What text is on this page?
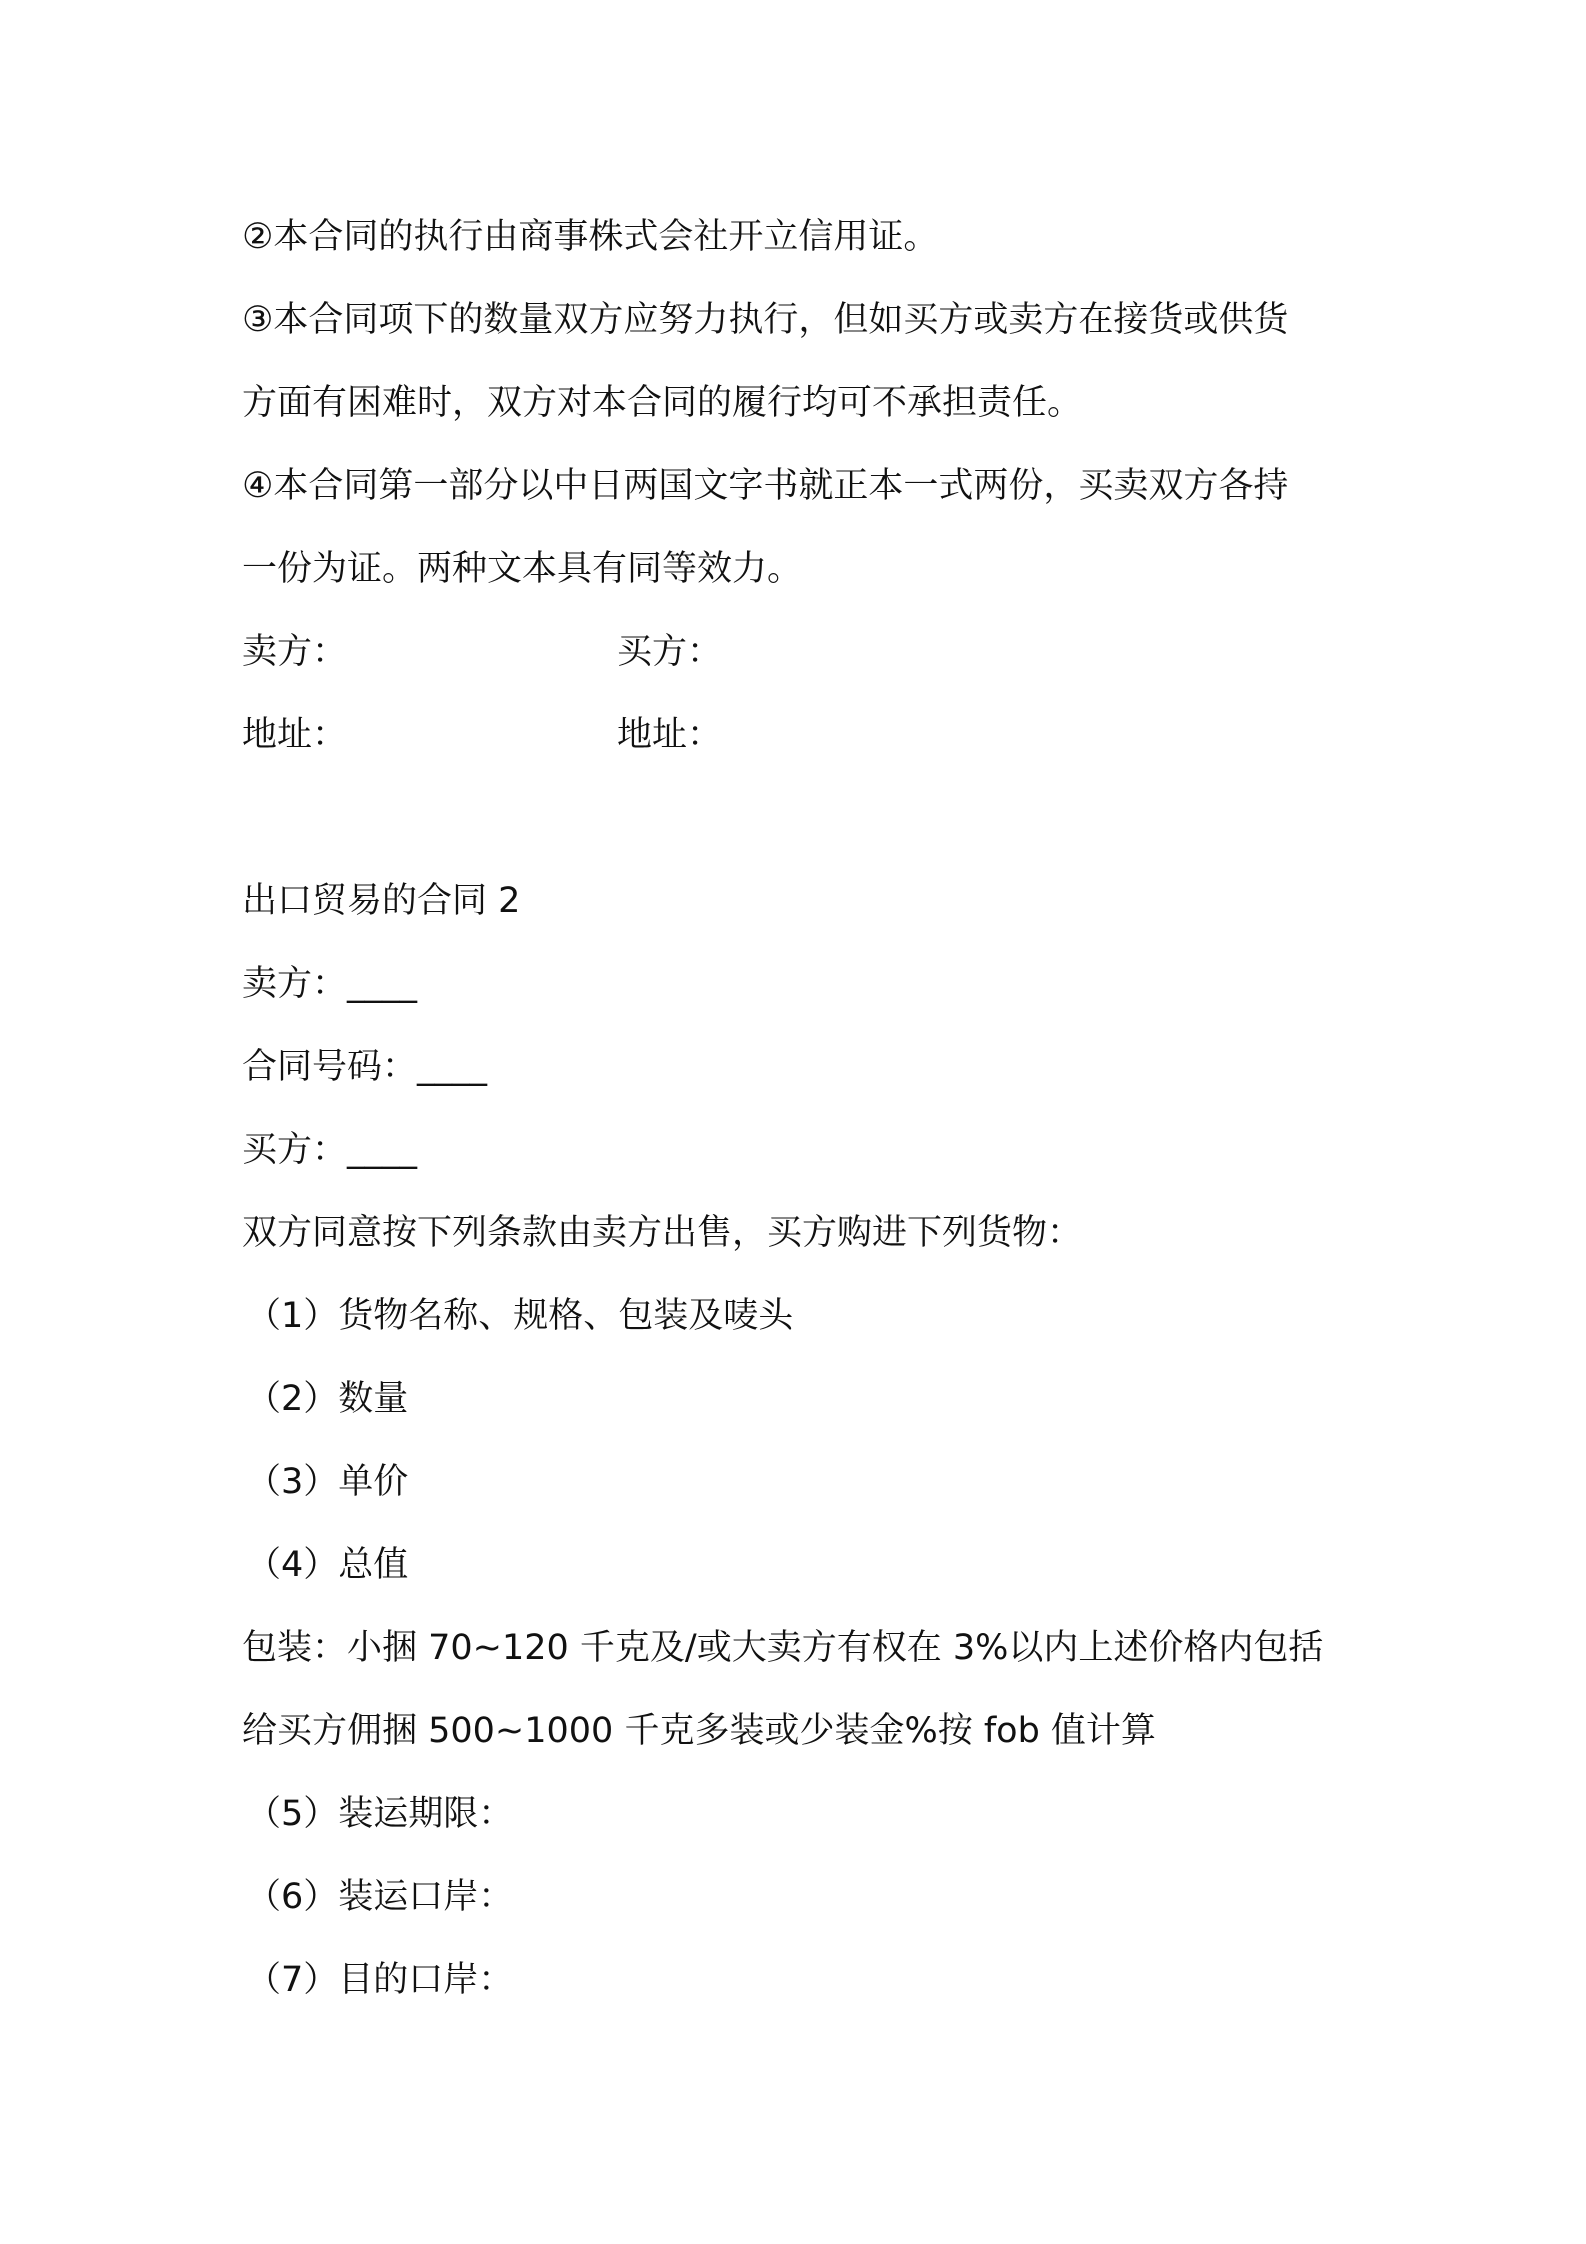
②本合同的执行由商事株式会社开立信用证。
③本合同项下的数量双方应努力执行，但如买方或卖方在接货或供货
方面有困难时，双方对本合同的履行均可不承担责任。
④本合同第一部分以中日两国文字书就正本一式两份，买卖双方各持
一份为证。两种文本具有同等效力。
卖方：	买方：
地址：	地址：
出口贸易的合同 2
卖方：____
合同号码：____
买方：____
双方同意按下列条款由卖方出售，买方购进下列货物：
（1）货物名称、规格、包装及唛头
（2）数量
（3）单价
（4）总值
包装：小捆 70~120 千克及/或大卖方有权在 3%以内上述价格内包括
给买方佣捆 500~1000 千克多装或少装金%按 fob 值计算
（5）装运期限：
（6）装运口岸：
（7）目的口岸：
